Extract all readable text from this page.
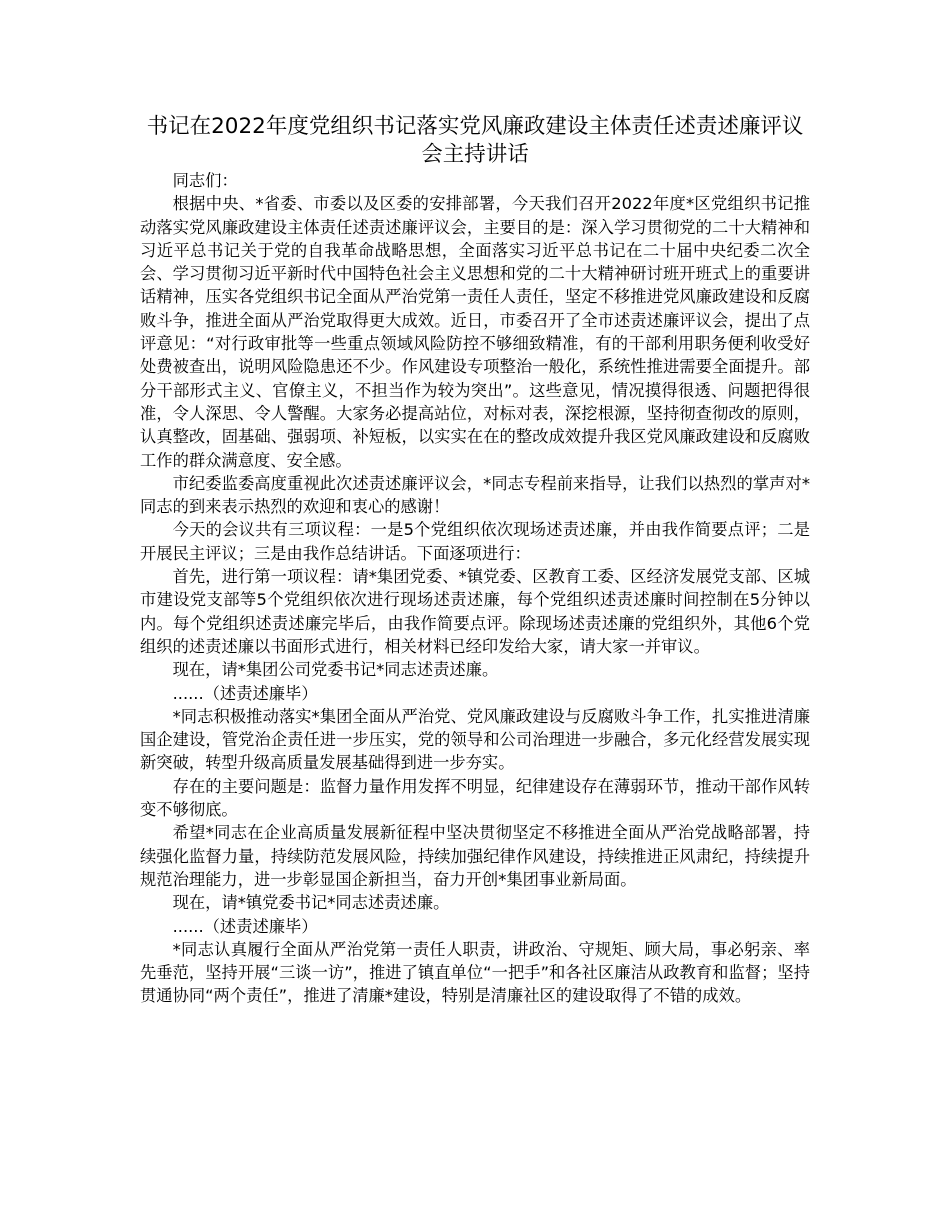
书记在2022年度党组织书记落实党风廉政建设主体责任述责述廉评议会主持讲话

同志们：

根据中央、*省委、市委以及区委的安排部署，今天我们召开2022年度*区党组织书记推动落实党风廉政建设主体责任述责述廉评议会，主要目的是：深入学习贯彻党的二十大精神和习近平总书记关于党的自我革命战略思想，全面落实习近平总书记在二十届中央纪委二次全会、学习贯彻习近平新时代中国特色社会主义思想和党的二十大精神研讨班开班式上的重要讲话精神，压实各党组织书记全面从严治党第一责任人责任，坚定不移推进党风廉政建设和反腐败斗争，推进全面从严治党取得更大成效。近日，市委召开了全市述责述廉评议会，提出了点评意见：“对行政审批等一些重点领域风险防控不够细致精准，有的干部利用职务便利收受好处费被查出，说明风险隐患还不少。作风建设专项整治一般化，系统性推进需要全面提升。部分干部形式主义、官僚主义，不担当作为较为突出”。这些意见，情况摸得很透、问题把得很准，令人深思、令人警醒。大家务必提高站位，对标对表，深挖根源，坚持彻查彻改的原则，认真整改，固基础、强弱项、补短板，以实实在在的整改成效提升我区党风廉政建设和反腐败工作的群众满意度、安全感。

市纪委监委高度重视此次述责述廉评议会，*同志专程前来指导，让我们以热烈的掌声对*同志的到来表示热烈的欢迎和衷心的感谢！

今天的会议共有三项议程：一是5个党组织依次现场述责述廉，并由我作简要点评；二是开展民主评议；三是由我作总结讲话。下面逐项进行：

首先，进行第一项议程：请*集团党委、*镇党委、区教育工委、区经济发展党支部、区城市建设党支部等5个党组织依次进行现场述责述廉，每个党组织述责述廉时间控制在5分钟以内。每个党组织述责述廉完毕后，由我作简要点评。除现场述责述廉的党组织外，其他6个党组织的述责述廉以书面形式进行，相关材料已经印发给大家，请大家一并审议。

现在，请*集团公司党委书记*同志述责述廉。

......（述责述廉毕）

*同志积极推动落实*集团全面从严治党、党风廉政建设与反腐败斗争工作，扎实推进清廉国企建设，管党治企责任进一步压实，党的领导和公司治理进一步融合，多元化经营发展实现新突破，转型升级高质量发展基础得到进一步夯实。

存在的主要问题是：监督力量作用发挥不明显，纪律建设存在薄弱环节，推动干部作风转变不够彻底。

希望*同志在企业高质量发展新征程中坚决贯彻坚定不移推进全面从严治党战略部署，持续强化监督力量，持续防范发展风险，持续加强纪律作风建设，持续推进正风肃纪，持续提升规范治理能力，进一步彰显国企新担当，奋力开创*集团事业新局面。

现在，请*镇党委书记*同志述责述廉。

......（述责述廉毕）

*同志认真履行全面从严治党第一责任人职责，讲政治、守规矩、顾大局，事必躬亲、率先垂范，坚持开展“三谈一访”，推进了镇直单位“一把手”和各社区廉洁从政教育和监督；坚持贯通协同“两个责任”，推进了清廉*建设，特别是清廉社区的建设取得了不错的成效。
